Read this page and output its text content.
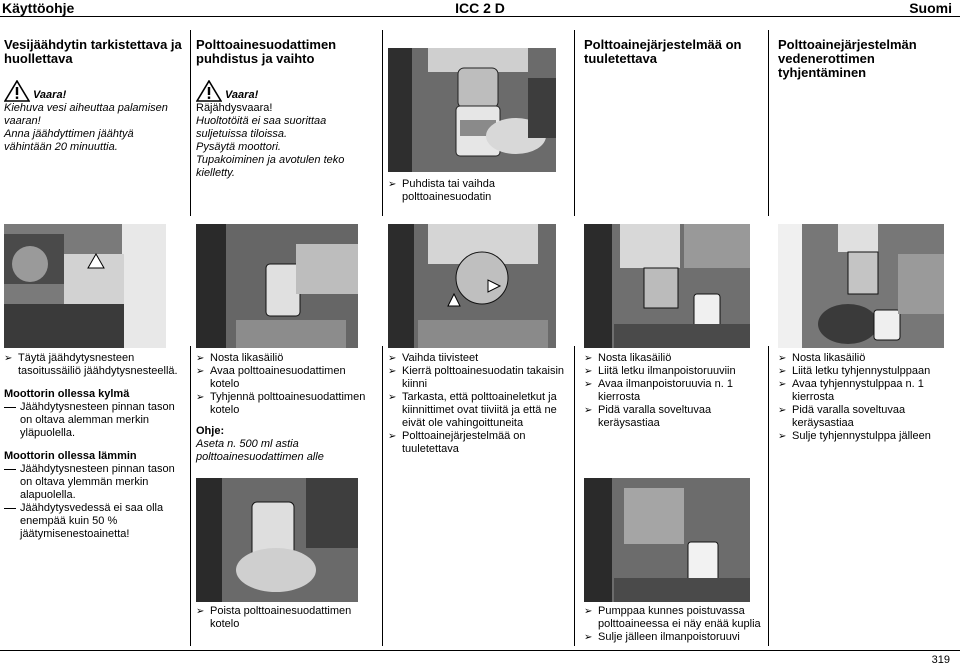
Käyttöohje	ICC 2 D	Suomi
Vesijäähdytin tarkistettava ja huollettava
Vaara!
Kiehuva vesi aiheuttaa palamisen vaaran!
Anna jäähdyttimen jäähtyä vähintään 20 minuuttia.
Polttoainesuodattimen puhdistus ja vaihto
Vaara!
Räjähdysvaara!
Huoltotöitä ei saa suorittaa suljetuissa tiloissa.
Pysäytä moottori.
Tupakoiminen ja avotulen teko kielletty.
➢ Puhdista tai vaihda polttoainesuodatin
Polttoainejärjestelmää on tuuletettava
Polttoainejärjestelmän vedenerottimen tyhjentäminen
➢ Täytä jäähdytysnesteen tasoitussäiliö jäähdytysnesteellä.
Moottorin ollessa kylmä
Jäähdytysnesteen pinnan tason on oltava alemman merkin yläpuolella.
Moottorin ollessa lämmin
Jäähdytysnesteen pinnan tason on oltava ylemmän merkin alapuolella.
Jäähdytysvedessä ei saa olla enempää kuin 50 % jäätymisenestoainetta!
➢ Nosta likasäiliö
➢ Avaa polttoainesuodattimen kotelo
➢ Tyhjennä polttoainesuodattimen kotelo
Ohje:
Aseta n. 500 ml astia polttoainesuodattimen alle
➢ Poista polttoainesuodattimen kotelo
➢ Vaihda tiivisteet
➢ Kierrä polttoainesuodatin takaisin kiinni
➢ Tarkasta, että polttoaineletkut ja kiinnittimet ovat tiiviitä ja että ne eivät ole vahingoittuneita
➢ Polttoainejärjestelmää on tuuletettava
➢ Nosta likasäiliö
➢ Liitä letku ilmanpoistoruuviin
➢ Avaa ilmanpoistoruuvia n. 1 kierrosta
➢ Pidä varalla soveltuvaa keräysastiaa
➢ Pumppaa kunnes poistuvassa polttoaineessa ei näy enää kuplia
➢ Sulje jälleen ilmanpoistoruuvi
➢ Nosta likasäiliö
➢ Liitä letku tyhjennystulppaan
➢ Avaa tyhjennystulppaa n. 1 kierrosta
➢ Pidä varalla soveltuvaa keräysastiaa
➢ Sulje tyhjennystulppa jälleen
319
